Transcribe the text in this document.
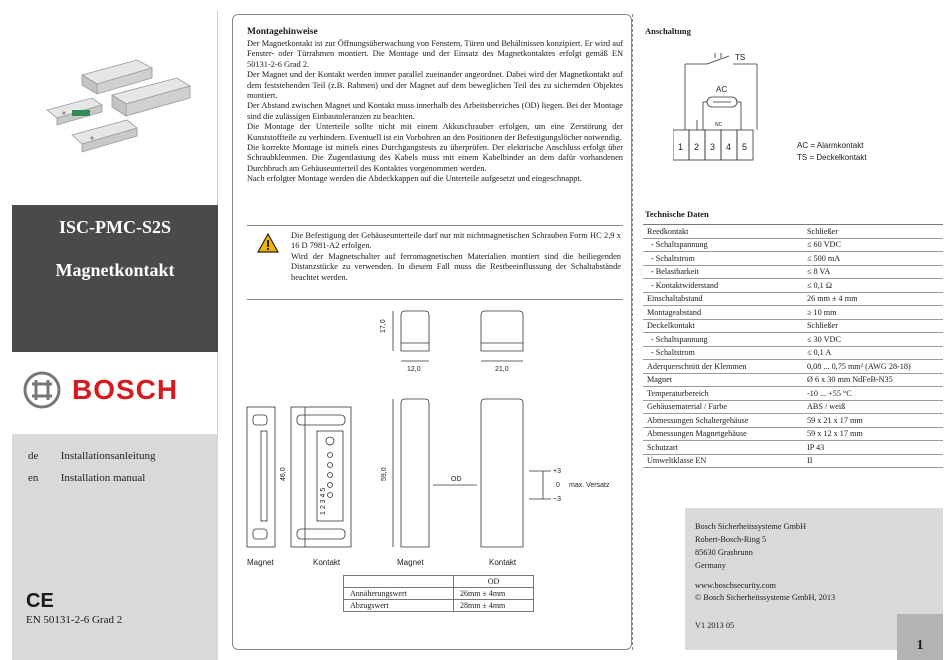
ISC-PMC-S2S
Magnetkontakt
BOSCH
de Installationsanleitung
en Installation manual
CE
EN 50131-2-6 Grad 2
Montagehinweise

Der Magnetkontakt ist zur Öffnungsüberwachung von Fenstern, Türen und Behältnissen konzipiert. Er wird auf Fenster- oder Türrahmen montiert. Die Montage und der Einsatz des Magnetkontaktes erfolgt gemäß EN 50131-2-6 Grad 2.

Der Magnet und der Kontakt werden immer parallel zueinander angeordnet. Dabei wird der Magnetkontakt auf dem feststehenden Teil (z.B. Rahmen) und der Magnet auf dem beweglichen Teil des zu sichernden Objektes montiert.

Der Abstand zwischen Magnet und Kontakt muss innerhalb des Arbeitsbereiches (OD) liegen. Bei der Montage sind die zulässigen Einbautoleranzen zu beachten.

Die Montage der Unterteile sollte nicht mit einem Akkuschrauber erfolgen, um eine Zerstörung der Kunststoffteile zu verhindern. Eventuell ist ein Vorbohren an den Positionen der Befestigungslöcher notwendig.

Die korrekte Montage ist mittels eines Durchgangstests zu überprüfen. Der elektrische Anschluss erfolgt über Schraubklemmen. Die Zugentlastung des Kabels muss mit einem Kabelbinder an dem dafür vorhandenen Durchbruch am Gehäuseunterteil des Kontaktes vorgenommen werden.

Nach erfolgter Montage werden die Abdeckkappen auf die Unterteile aufgesetzt und eingeschnappt.

Die Befestigung der Gehäuseunterteile darf nur mit nichtmagnetischen Schrauben Form HC 2,9 x 16 D 7981-A2 erfolgen.

Wird der Magnetschalter auf ferromagnetischen Materialien montiert sind die beiliegenden Distanzstücke zu verwenden. In diesem Fall muss die Restbeeinflussung der Schaltabstände beachtet werden.

17,0
12,0	21,0
46,0	59,0	OD
+3
0
−3
max. Versatz
1 2 3 4 5
Magnet	Kontakt	Magnet	Kontakt
	OD
Annäherungswert	26mm ± 4mm
Abzugswert	28mm ± 4mm
Anschaltung
TS
AC
NC
1 2 3 4 5	AC = Alarmkontakt
TS = Deckelkontakt
Technische Daten
Reedkontakt	Schließer
- Schaltspannung	≤ 60 VDC
- Schaltstrom	≤ 500 mA
- Belastbarkeit	≤ 8 VA
- Kontaktwiderstand	≤ 0,1 Ω
Einschaltabstand	26 mm ± 4 mm
Montageabstand	≥ 10 mm
Deckelkontakt	Schließer
- Schaltspannung	≤ 30 VDC
- Schaltstrom	≤ 0,1 A
Aderquerschnitt der Klemmen	0,08 ... 0,75 mm² (AWG 28-18)
Magnet	Ø 6 x 30 mm NdFeB-N35
Temperaturbereich	-10 ... +55 °C
Gehäusematerial / Farbe	ABS / weiß
Abmessungen Schaltergehäuse	59 x 21 x 17 mm
Abmessungen Magnetgehäuse	59 x 12 x 17 mm
Schutzart	IP 43
Umweltklasse EN	II
Bosch Sicherheitssysteme GmbH
Robert-Bosch-Ring 5
85630 Grasbrunn
Germany
www.boschsecurity.com
© Bosch Sicherheitssysteme GmbH, 2013
V1 2013 05
1
